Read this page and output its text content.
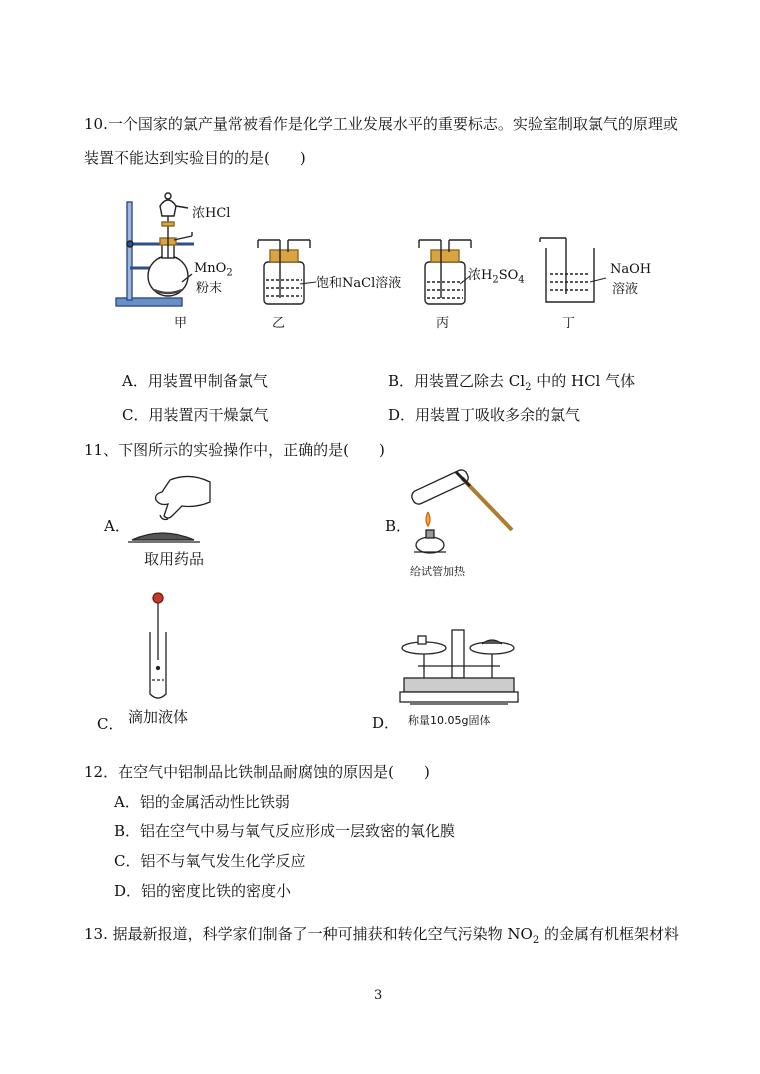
10.一个国家的氯产量常被看作是化学工业发展水平的重要标志。实验室制取氯气的原理或
装置不能达到实验目的的是(　　)
浓HCl
MnO$_2$
粉末	饱和NaCl溶液
浓$H_2SO_4$
NaOH
溶液
甲	乙	丙	丁
A．用装置甲制备氯气	B．用装置乙除去 $Cl_2$ 中的 HCl 气体
C．用装置丙干燥氯气	D．用装置丁吸收多余的氯气
11、下图所示的实验操作中，正确的是(　　)
A．
取用药品
B．
给试管加热
C． 滴加液体	D． 称量10.05g固体
12．在空气中铝制品比铁制品耐腐蚀的原因是(　　)
A．铝的金属活动性比铁弱
B．铝在空气中易与氧气反应形成一层致密的氧化膜
C．铝不与氧气发生化学反应
D．铝的密度比铁的密度小
13. 据最新报道，科学家们制备了一种可捕获和转化空气污染物 $NO_2$ 的金属有机框架材料
3
